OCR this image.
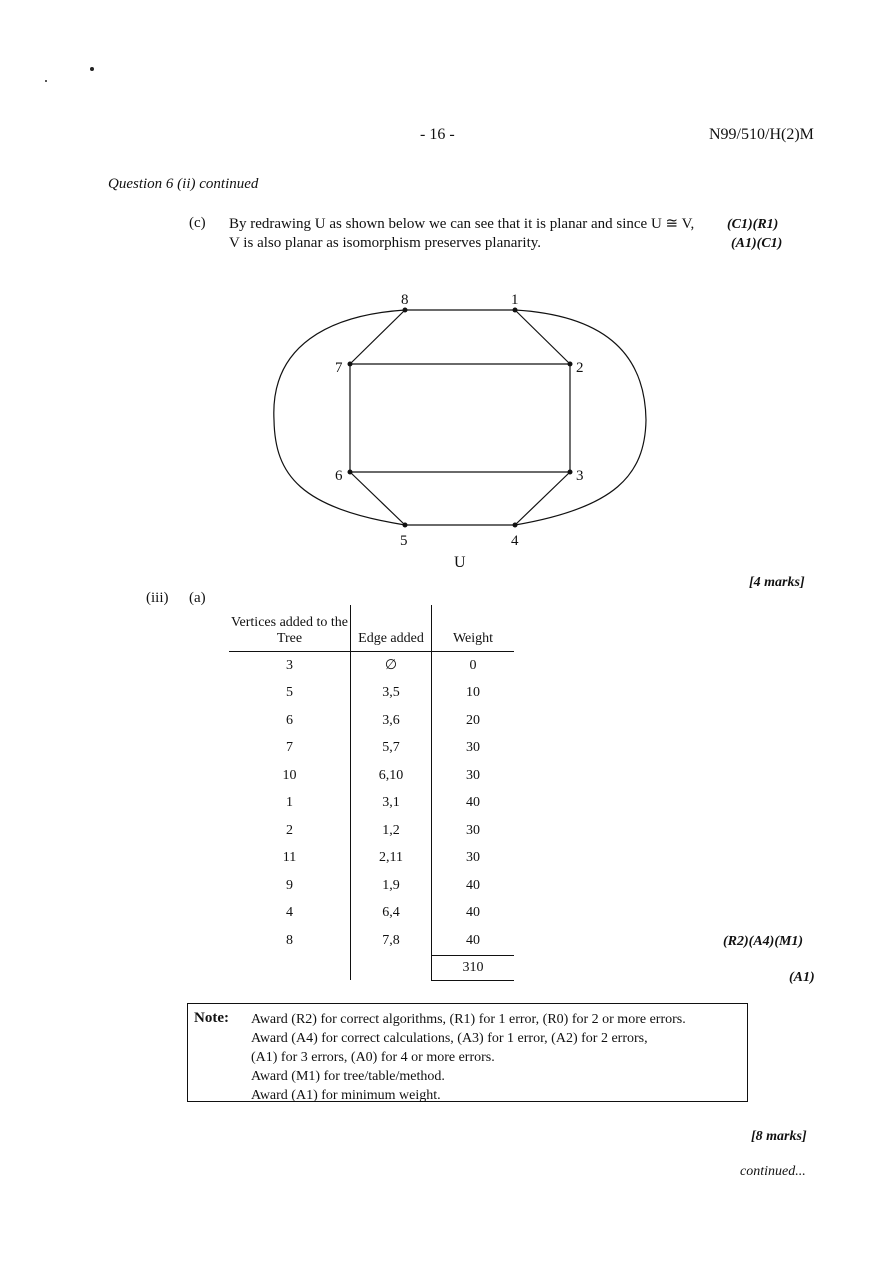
- 16 -	N99/510/H(2)M
Question 6 (ii) continued
(c) By redrawing U as shown below we can see that it is planar and since U ≅ V,
V is also planar as isomorphism preserves planarity.
(C1)(R1)
(A1)(C1)
1
2
3
4
5
6
7
8
U
[4 marks]
(iii) (a)
Vertices added to the Tree	Edge added	Weight
3	∅	0
5	3,5	10
6	3,6	20
7	5,7	30
10	6,10	30
1	3,1	40
2	1,2	30
11	2,11	30
9	1,9	40
4	6,4	40
8	7,8	40
		310
(R2)(A4)(M1)
(A1)
Note: Award (R2) for correct algorithms, (R1) for 1 error, (R0) for 2 or more errors.
Award (A4) for correct calculations, (A3) for 1 error, (A2) for 2 errors,
(A1) for 3 errors, (A0) for 4 or more errors.
Award (M1) for tree/table/method.
Award (A1) for minimum weight.
[8 marks]
continued...
